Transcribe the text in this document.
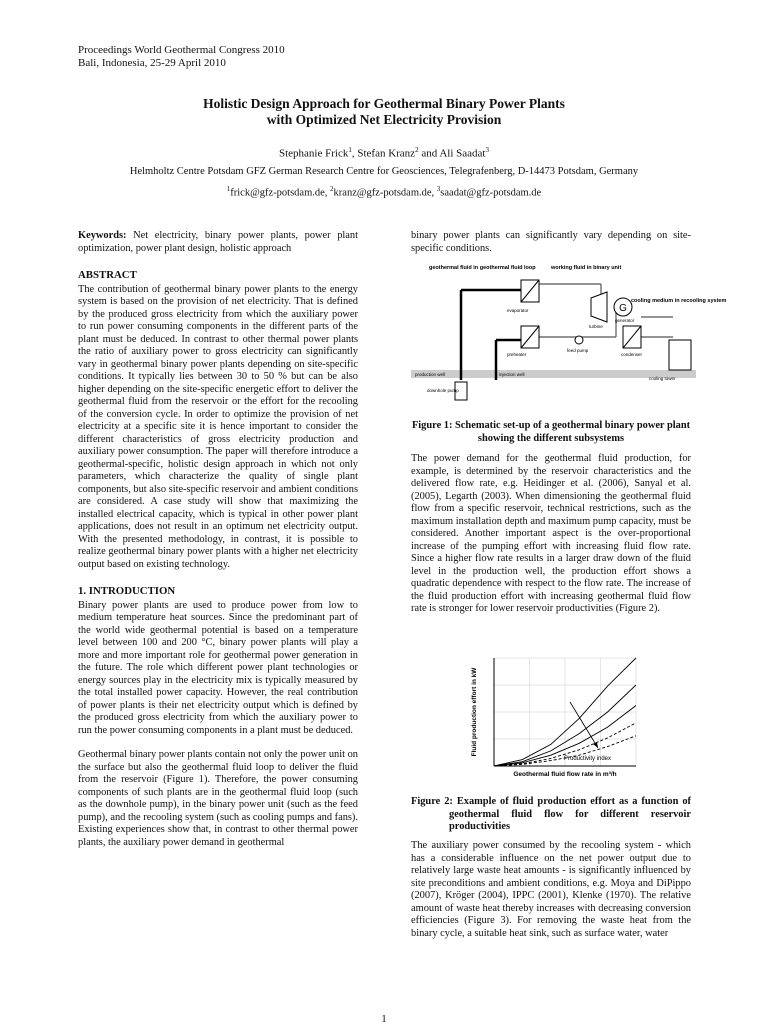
Proceedings World Geothermal Congress 2010
Bali, Indonesia, 25-29 April 2010
Holistic Design Approach for Geothermal Binary Power Plants
with Optimized Net Electricity Provision
Stephanie Frick$^1$, Stefan Kranz$^2$ and Ali Saadat$^3$
Helmholtz Centre Potsdam GFZ German Research Centre for Geosciences, Telegrafenberg, D-14473 Potsdam, Germany
$^1$frick@gfz-potsdam.de, $^2$kranz@gfz-potsdam.de, $^3$saadat@gfz-potsdam.de
Keywords: Net electricity, binary power plants, power plant optimization, power plant design, holistic approach
ABSTRACT
The contribution of geothermal binary power plants to the energy system is based on the provision of net electricity. That is defined by the produced gross electricity from which the auxiliary power to run power consuming components in the different parts of the plant must be deduced. In contrast to other thermal power plants the ratio of auxiliary power to gross electricity can significantly vary in geothermal binary power plants depending on site-specific conditions. It typically lies between 30 to 50 % but can be also higher depending on the site-specific energetic effort to deliver the geothermal fluid from the reservoir or the effort for the recooling of the conversion cycle. In order to optimize the provision of net electricity at a specific site it is hence important to consider the different characteristics of gross electricity production and auxiliary power consumption. The paper will therefore introduce a geothermal-specific, holistic design approach in which not only parameters, which characterize the quality of single plant components, but also site-specific reservoir and ambient conditions are considered. A case study will show that maximizing the installed electrical capacity, which is typical in other power plant applications, does not result in an optimum net electricity output. With the presented methodology, in contrast, it is possible to realize geothermal binary power plants with a higher net electricity output based on existing technology.
1. INTRODUCTION
Binary power plants are used to produce power from low to medium temperature heat sources. Since the predominant part of the world wide geothermal potential is based on a temperature level between 100 and 200 °C, binary power plants will play a more and more important role for geothermal power generation in the future. The role which different power plant technologies or energy sources play in the electricity mix is typically measured by the total installed power capacity. However, the real contribution of power plants is their net electricity output which is defined by the produced gross electricity from which the auxiliary power to run the power consuming components in a plant must be deduced.
Geothermal binary power plants contain not only the power unit on the surface but also the geothermal fluid loop to deliver the fluid from the reservoir (Figure 1). Therefore, the power consuming components of such plants are in the geothermal fluid loop (such as the downhole pump), in the binary power unit (such as the feed pump), and the recooling system (such as cooling pumps and fans). Existing experiences show that, in contrast to other thermal power plants, the auxiliary power demand in geothermal
binary power plants can significantly vary depending on site-specific conditions.
G
geothermal fluid in geothermal fluid loop	working fluid in binary unit
cooling medium in recooling system
evaporator
turbine
generator
preheater
feed pump
condenser
cooling tower
production well	injection well
downhole pump
Figure 1: Schematic set-up of a geothermal binary power plant showing the different subsystems
The power demand for the geothermal fluid production, for example, is determined by the reservoir characteristics and the delivered flow rate, e.g. Heidinger et al. (2006), Sanyal et al. (2005), Legarth (2003). When dimensioning the geothermal fluid flow from a specific reservoir, technical restrictions, such as the maximum installation depth and maximum pump capacity, must be considered. Another important aspect is the over-proportional increase of the pumping effort with increasing fluid flow rate. Since a higher flow rate results in a larger draw down of the fluid level in the production well, the production effort shows a quadratic dependence with respect to the flow rate. The increase of the fluid production effort with increasing geothermal fluid flow rate is stronger for lower reservoir productivities (Figure 2).
Productivity index
Geothermal fluid flow rate in m³/h
Fluid production effort in kW
Figure 2: Example of fluid production effort as a function of geothermal fluid flow for different reservoir productivities
The auxiliary power consumed by the recooling system - which has a considerable influence on the net power output due to relatively large waste heat amounts - is significantly influenced by site preconditions and ambient conditions, e.g. Moya and DiPippo (2007), Kröger (2004), IPPC (2001), Klenke (1970). The relative amount of waste heat thereby increases with decreasing conversion efficiencies (Figure 3). For removing the waste heat from the binary cycle, a suitable heat sink, such as surface water, water
1
